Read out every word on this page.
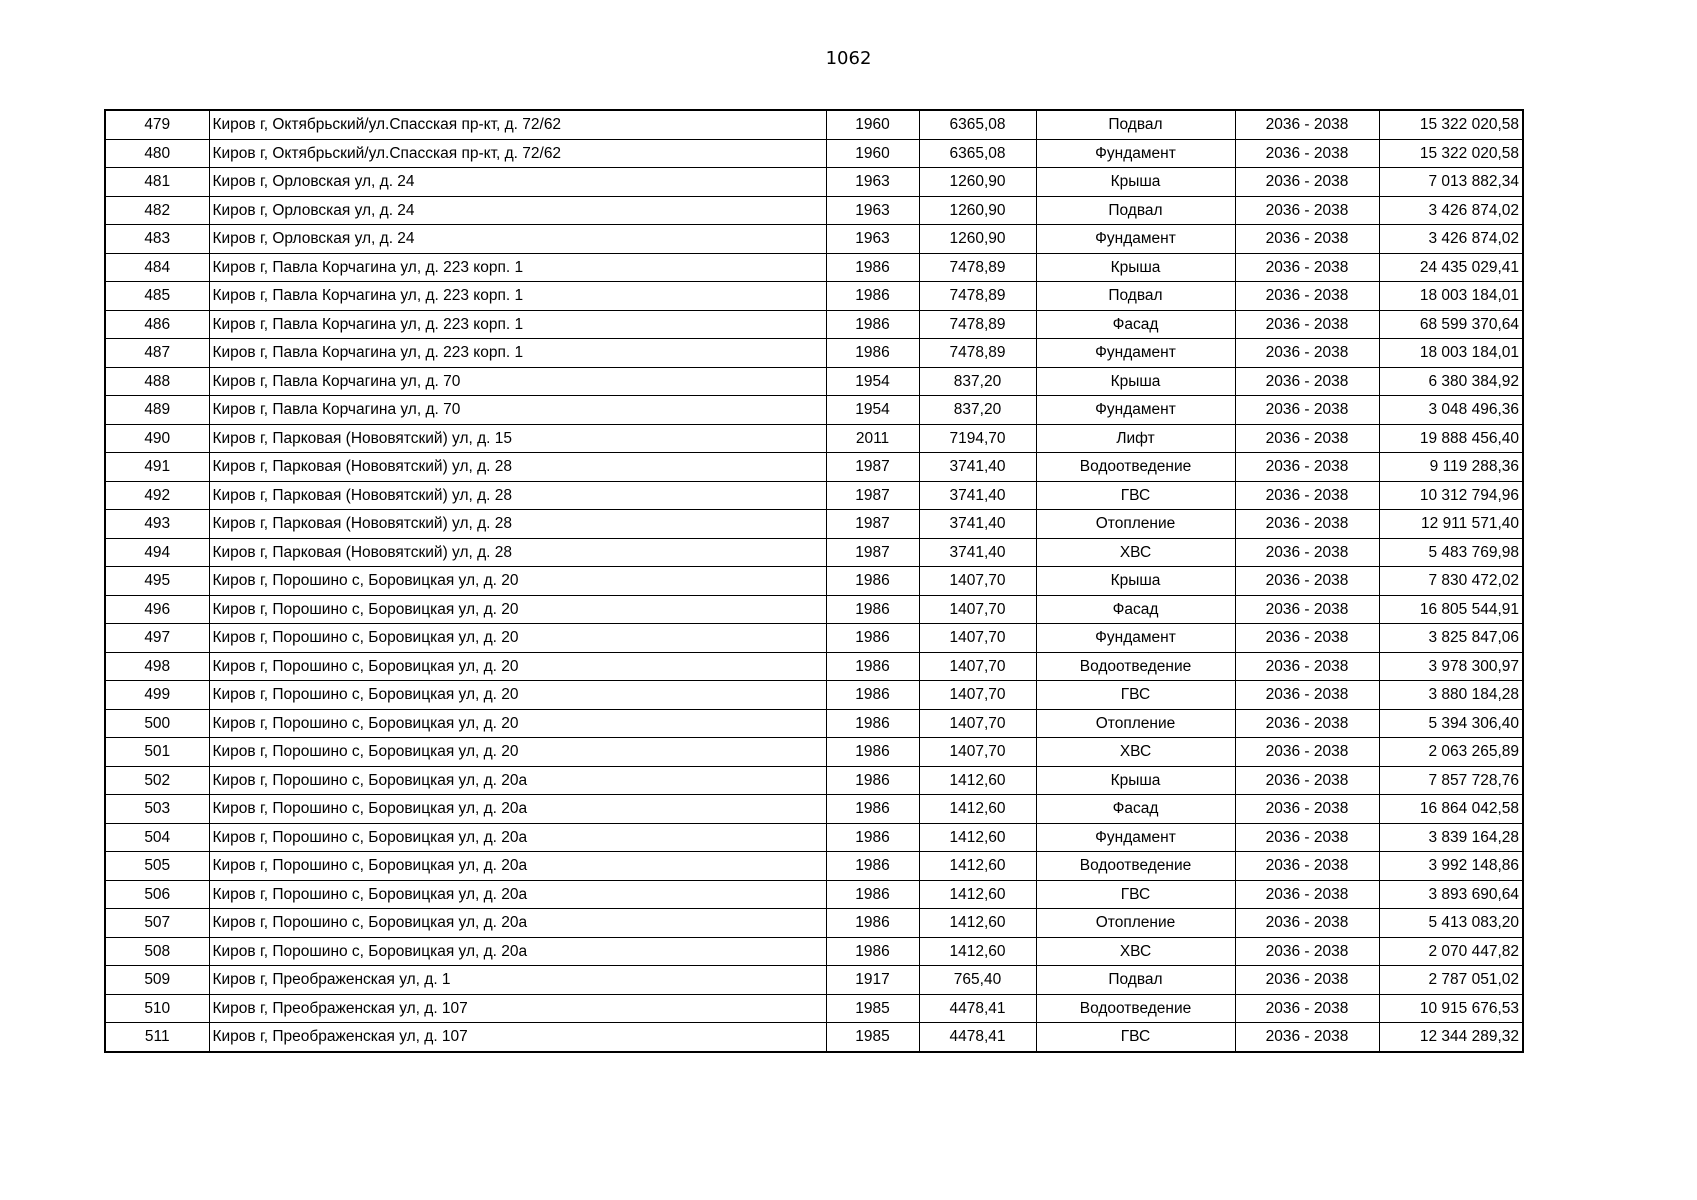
1062
479	Киров г, Октябрьский/ул.Спасская пр-кт, д. 72/62	1960	6365,08	Подвал	2036 - 2038	15 322 020,58
480	Киров г, Октябрьский/ул.Спасская пр-кт, д. 72/62	1960	6365,08	Фундамент	2036 - 2038	15 322 020,58
481	Киров г, Орловская ул, д. 24	1963	1260,90	Крыша	2036 - 2038	7 013 882,34
482	Киров г, Орловская ул, д. 24	1963	1260,90	Подвал	2036 - 2038	3 426 874,02
483	Киров г, Орловская ул, д. 24	1963	1260,90	Фундамент	2036 - 2038	3 426 874,02
484	Киров г, Павла Корчагина ул, д. 223 корп. 1	1986	7478,89	Крыша	2036 - 2038	24 435 029,41
485	Киров г, Павла Корчагина ул, д. 223 корп. 1	1986	7478,89	Подвал	2036 - 2038	18 003 184,01
486	Киров г, Павла Корчагина ул, д. 223 корп. 1	1986	7478,89	Фасад	2036 - 2038	68 599 370,64
487	Киров г, Павла Корчагина ул, д. 223 корп. 1	1986	7478,89	Фундамент	2036 - 2038	18 003 184,01
488	Киров г, Павла Корчагина ул, д. 70	1954	837,20	Крыша	2036 - 2038	6 380 384,92
489	Киров г, Павла Корчагина ул, д. 70	1954	837,20	Фундамент	2036 - 2038	3 048 496,36
490	Киров г, Парковая (Нововятский) ул, д. 15	2011	7194,70	Лифт	2036 - 2038	19 888 456,40
491	Киров г, Парковая (Нововятский) ул, д. 28	1987	3741,40	Водоотведение	2036 - 2038	9 119 288,36
492	Киров г, Парковая (Нововятский) ул, д. 28	1987	3741,40	ГВС	2036 - 2038	10 312 794,96
493	Киров г, Парковая (Нововятский) ул, д. 28	1987	3741,40	Отопление	2036 - 2038	12 911 571,40
494	Киров г, Парковая (Нововятский) ул, д. 28	1987	3741,40	ХВС	2036 - 2038	5 483 769,98
495	Киров г, Порошино с, Боровицкая ул, д. 20	1986	1407,70	Крыша	2036 - 2038	7 830 472,02
496	Киров г, Порошино с, Боровицкая ул, д. 20	1986	1407,70	Фасад	2036 - 2038	16 805 544,91
497	Киров г, Порошино с, Боровицкая ул, д. 20	1986	1407,70	Фундамент	2036 - 2038	3 825 847,06
498	Киров г, Порошино с, Боровицкая ул, д. 20	1986	1407,70	Водоотведение	2036 - 2038	3 978 300,97
499	Киров г, Порошино с, Боровицкая ул, д. 20	1986	1407,70	ГВС	2036 - 2038	3 880 184,28
500	Киров г, Порошино с, Боровицкая ул, д. 20	1986	1407,70	Отопление	2036 - 2038	5 394 306,40
501	Киров г, Порошино с, Боровицкая ул, д. 20	1986	1407,70	ХВС	2036 - 2038	2 063 265,89
502	Киров г, Порошино с, Боровицкая ул, д. 20а	1986	1412,60	Крыша	2036 - 2038	7 857 728,76
503	Киров г, Порошино с, Боровицкая ул, д. 20а	1986	1412,60	Фасад	2036 - 2038	16 864 042,58
504	Киров г, Порошино с, Боровицкая ул, д. 20а	1986	1412,60	Фундамент	2036 - 2038	3 839 164,28
505	Киров г, Порошино с, Боровицкая ул, д. 20а	1986	1412,60	Водоотведение	2036 - 2038	3 992 148,86
506	Киров г, Порошино с, Боровицкая ул, д. 20а	1986	1412,60	ГВС	2036 - 2038	3 893 690,64
507	Киров г, Порошино с, Боровицкая ул, д. 20а	1986	1412,60	Отопление	2036 - 2038	5 413 083,20
508	Киров г, Порошино с, Боровицкая ул, д. 20а	1986	1412,60	ХВС	2036 - 2038	2 070 447,82
509	Киров г, Преображенская ул, д. 1	1917	765,40	Подвал	2036 - 2038	2 787 051,02
510	Киров г, Преображенская ул, д. 107	1985	4478,41	Водоотведение	2036 - 2038	10 915 676,53
511	Киров г, Преображенская ул, д. 107	1985	4478,41	ГВС	2036 - 2038	12 344 289,32
